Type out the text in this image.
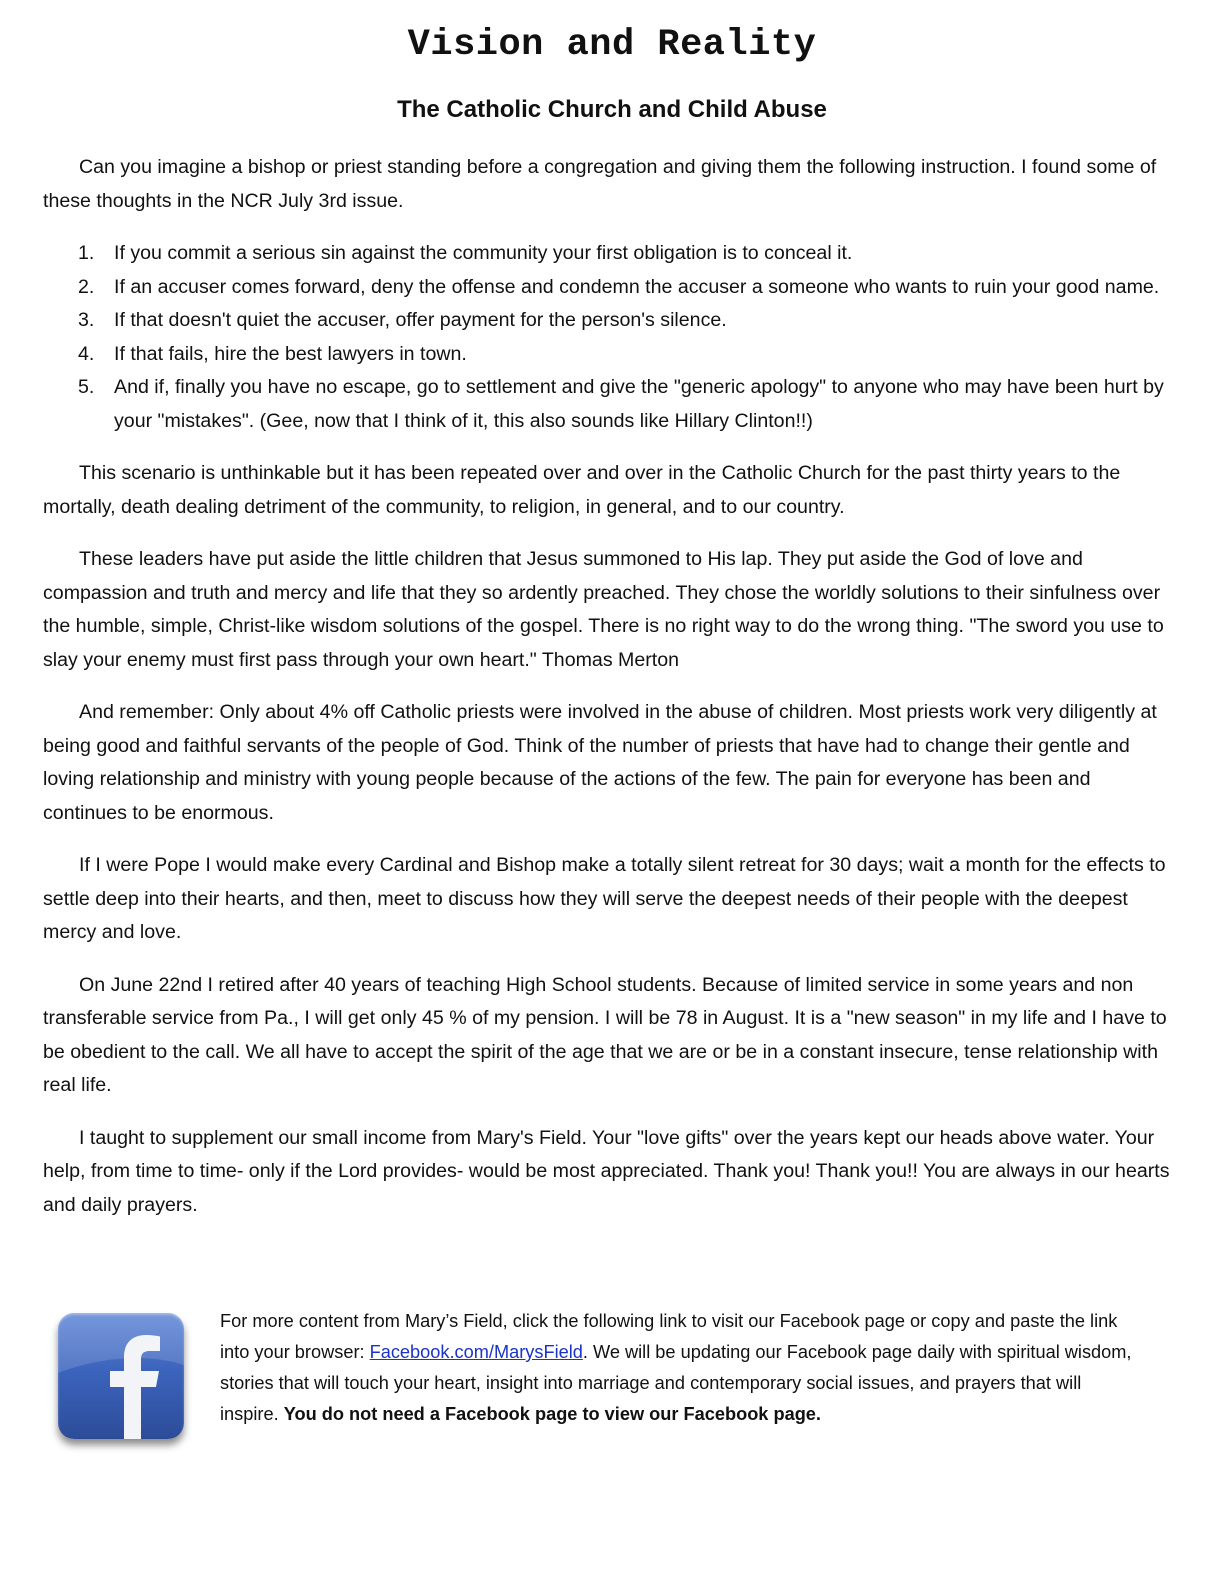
Vision and Reality
The Catholic Church and Child Abuse

Can you imagine a bishop or priest standing before a congregation and giving them the following instruction. I found some of these thoughts in the NCR July 3rd issue.

1. If you commit a serious sin against the community your first obligation is to conceal it.
2. If an accuser comes forward, deny the offense and condemn the accuser a someone who wants to ruin your good name.
3. If that doesn't quiet the accuser, offer payment for the person's silence.
4. If that fails, hire the best lawyers in town.
5. And if, finally you have no escape, go to settlement and give the "generic apology" to anyone who may have been hurt by your "mistakes". (Gee, now that I think of it, this also sounds like Hillary Clinton!!)

This scenario is unthinkable but it has been repeated over and over in the Catholic Church for the past thirty years to the mortally, death dealing detriment of the community, to religion, in general, and to our country.

These leaders have put aside the little children that Jesus summoned to His lap. They put aside the God of love and compassion and truth and mercy and life that they so ardently preached. They chose the worldly solutions to their sinfulness over the humble, simple, Christ-like wisdom solutions of the gospel. There is no right way to do the wrong thing. "The sword you use to slay your enemy must first pass through your own heart." Thomas Merton

And remember: Only about 4% off Catholic priests were involved in the abuse of children. Most priests work very diligently at being good and faithful servants of the people of God. Think of the number of priests that have had to change their gentle and loving relationship and ministry with young people because of the actions of the few. The pain for everyone has been and continues to be enormous.

If I were Pope I would make every Cardinal and Bishop make a totally silent retreat for 30 days; wait a month for the effects to settle deep into their hearts, and then, meet to discuss how they will serve the deepest needs of their people with the deepest mercy and love.

On June 22nd I retired after 40 years of teaching High School students. Because of limited service in some years and non transferable service from Pa., I will get only 45 % of my pension. I will be 78 in August. It is a "new season" in my life and I have to be obedient to the call. We all have to accept the spirit of the age that we are or be in a constant insecure, tense relationship with real life.

I taught to supplement our small income from Mary's Field. Your "love gifts" over the years kept our heads above water. Your help, from time to time- only if the Lord provides- would be most appreciated. Thank you! Thank you!! You are always in our hearts and daily prayers.

For more content from Mary’s Field, click the following link to visit our Facebook page or copy and paste the link into your browser: Facebook.com/MarysField. We will be updating our Facebook page daily with spiritual wisdom, stories that will touch your heart, insight into marriage and contemporary social issues, and prayers that will inspire. You do not need a Facebook page to view our Facebook page.
